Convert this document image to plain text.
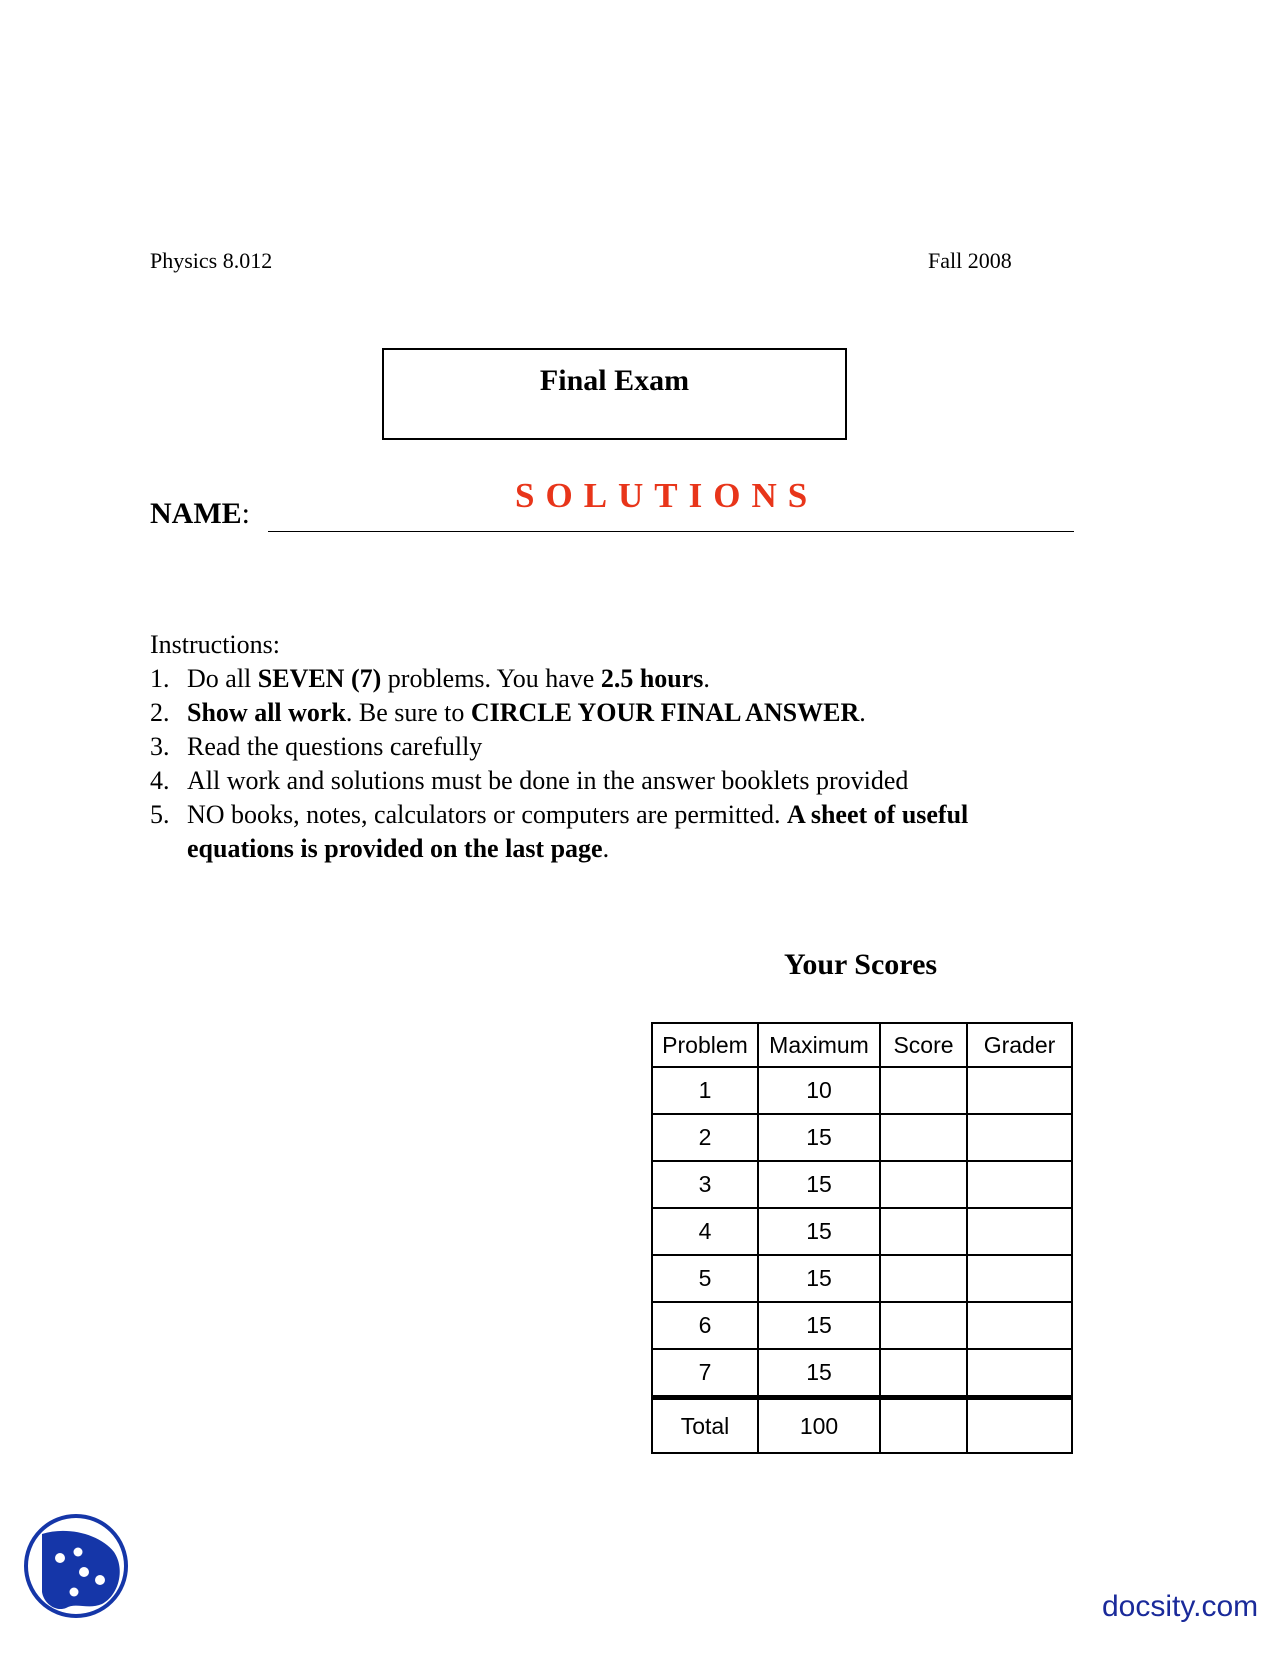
Physics 8.012	Fall 2008
Final Exam
NAME:	SOLUTIONS
Instructions:
1. Do all SEVEN (7) problems. You have 2.5 hours.
2. Show all work. Be sure to CIRCLE YOUR FINAL ANSWER.
3. Read the questions carefully
4. All work and solutions must be done in the answer booklets provided
5. NO books, notes, calculators or computers are permitted. A sheet of useful equations is provided on the last page.
Your Scores
Problem	Maximum	Score	Grader
1	10		
2	15		
3	15		
4	15		
5	15		
6	15		
7	15		
Total	100		
docsity.com
